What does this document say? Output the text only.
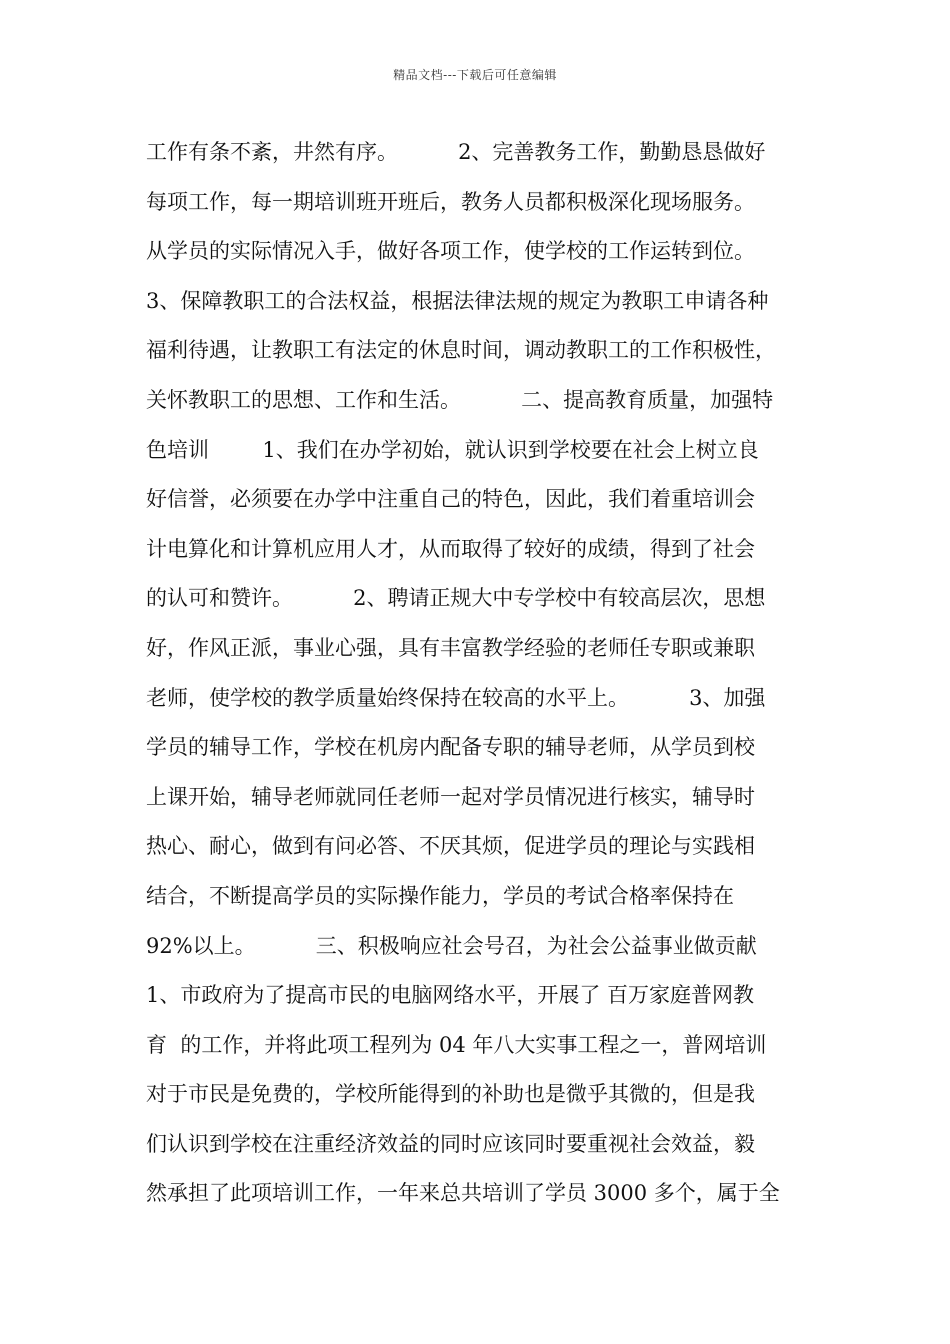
精品文档---下载后可任意编辑
工作有条不紊，井然有序。         2、完善教务工作，勤勤恳恳做好
每项工作，每一期培训班开班后，教务人员都积极深化现场服务。
从学员的实际情况入手，做好各项工作，使学校的工作运转到位。
3、保障教职工的合法权益，根据法律法规的规定为教职工申请各种
福利待遇，让教职工有法定的休息时间，调动教职工的工作积极性，
关怀教职工的思想、工作和生活。         二、提高教育质量，加强特
色培训        1、我们在办学初始，就认识到学校要在社会上树立良
好信誉，必须要在办学中注重自己的特色，因此，我们着重培训会
计电算化和计算机应用人才，从而取得了较好的成绩，得到了社会
的认可和赞许。         2、聘请正规大中专学校中有较高层次，思想
好，作风正派，事业心强，具有丰富教学经验的老师任专职或兼职
老师，使学校的教学质量始终保持在较高的水平上。         3、加强
学员的辅导工作，学校在机房内配备专职的辅导老师，从学员到校
上课开始，辅导老师就同任老师一起对学员情况进行核实，辅导时
热心、耐心，做到有问必答、不厌其烦，促进学员的理论与实践相
结合，不断提高学员的实际操作能力，学员的考试合格率保持在
92%以上。         三、积极响应社会号召，为社会公益事业做贡献
1、市政府为了提高市民的电脑网络水平，开展了 百万家庭普网教
育  的工作，并将此项工程列为 04 年八大实事工程之一，普网培训
对于市民是免费的，学校所能得到的补助也是微乎其微的，但是我
们认识到学校在注重经济效益的同时应该同时要重视社会效益，毅
然承担了此项培训工作，一年来总共培训了学员 3000 多个，属于全
